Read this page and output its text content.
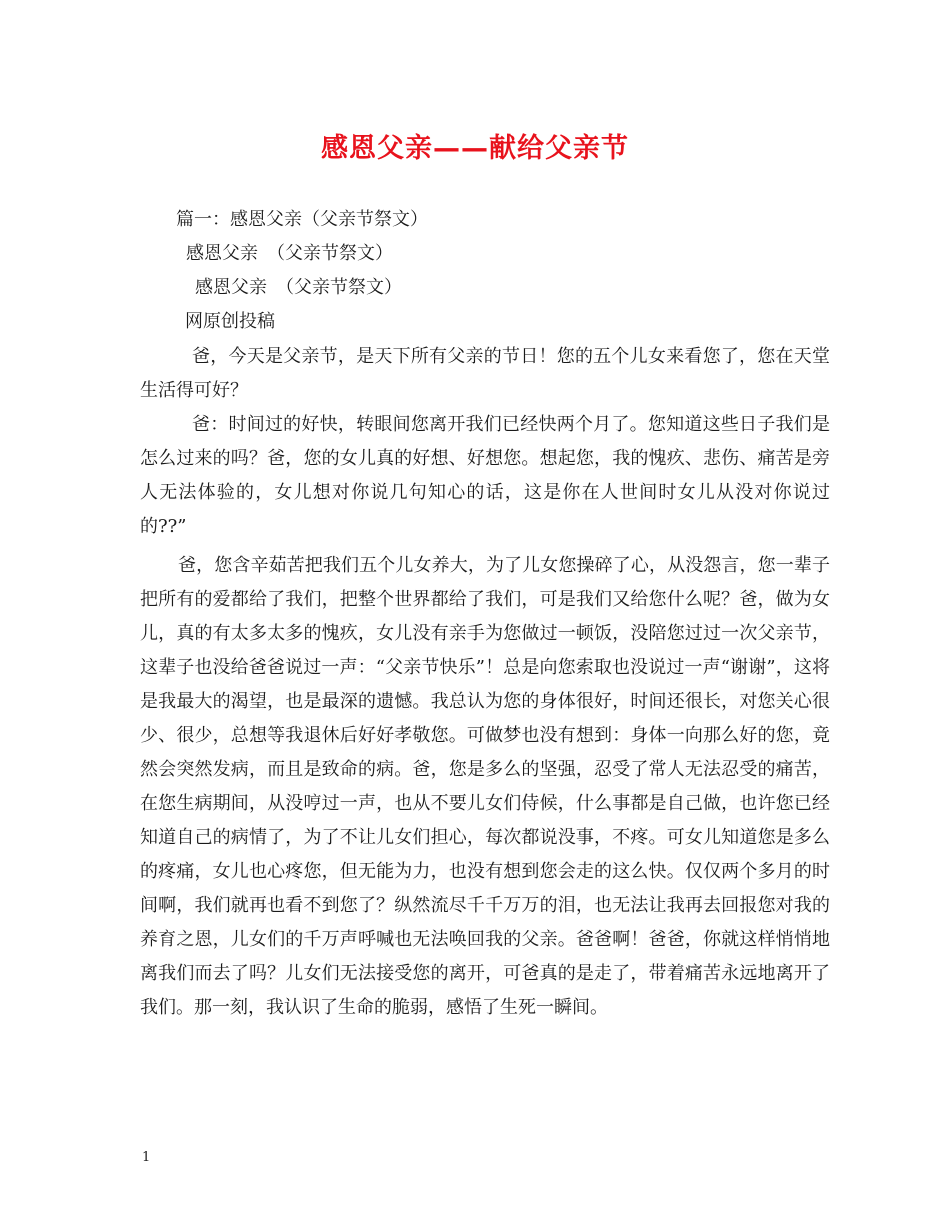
感恩父亲——献给父亲节
篇一：感恩父亲（父亲节祭文）
感恩父亲　（父亲节祭文）
感恩父亲　（父亲节祭文）
网原创投稿
爸，今天是父亲节，是天下所有父亲的节日！您的五个儿女来看您了，您在天堂生活得可好？
爸：时间过的好快，转眼间您离开我们已经快两个月了。您知道这些日子我们是怎么过来的吗？爸，您的女儿真的好想、好想您。想起您，我的愧疚、悲伤、痛苦是旁人无法体验的，女儿想对你说几句知心的话，这是你在人世间时女儿从没对你说过的??”
爸，您含辛茹苦把我们五个儿女养大，为了儿女您操碎了心，从没怨言，您一辈子把所有的爱都给了我们，把整个世界都给了我们，可是我们又给您什么呢？爸，做为女儿，真的有太多太多的愧疚，女儿没有亲手为您做过一顿饭，没陪您过过一次父亲节，这辈子也没给爸爸说过一声：“父亲节快乐”！总是向您索取也没说过一声“谢谢”，这将是我最大的渴望，也是最深的遗憾。我总认为您的身体很好，时间还很长，对您关心很少、很少，总想等我退休后好好孝敬您。可做梦也没有想到：身体一向那么好的您，竟然会突然发病，而且是致命的病。爸，您是多么的坚强，忍受了常人无法忍受的痛苦，在您生病期间，从没哼过一声，也从不要儿女们侍候，什么事都是自己做，也许您已经知道自己的病情了，为了不让儿女们担心，每次都说没事，不疼。可女儿知道您是多么的疼痛，女儿也心疼您，但无能为力，也没有想到您会走的这么快。仅仅两个多月的时间啊，我们就再也看不到您了？纵然流尽千千万万的泪，也无法让我再去回报您对我的养育之恩，儿女们的千万声呼喊也无法唤回我的父亲。爸爸啊！爸爸，你就这样悄悄地离我们而去了吗？儿女们无法接受您的离开，可爸真的是走了，带着痛苦永远地离开了我们。那一刻，我认识了生命的脆弱，感悟了生死一瞬间。
1
